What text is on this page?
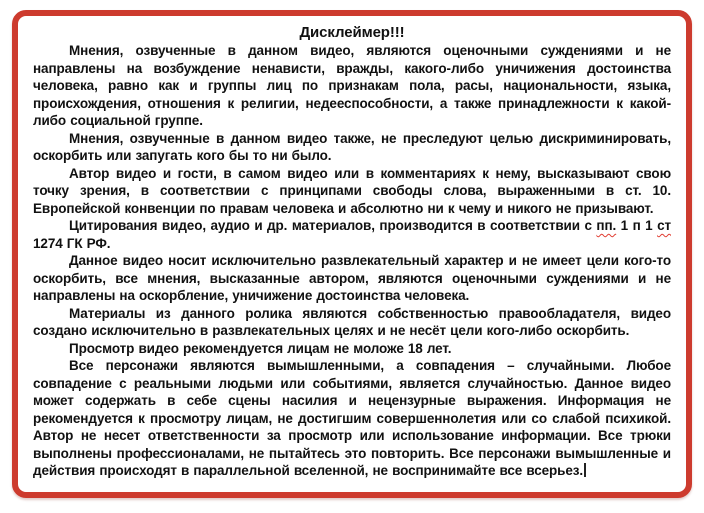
Дисклеймер!!!

Мнения, озвученные в данном видео, являются оценочными суждениями и не направлены на возбуждение ненависти, вражды, какого-либо уничижения достоинства человека, равно как и группы лиц по признакам пола, расы, национальности, языка, происхождения, отношения к религии, недееспособности, а также принадлежности к какой-либо социальной группе.

Мнения, озвученные в данном видео также, не преследуют целью дискриминировать, оскорбить или запугать кого бы то ни было.

Автор видео и гости, в самом видео или в комментариях к нему, высказывают свою точку зрения, в соответствии с принципами свободы слова, выраженными в ст. 10. Европейской конвенции по правам человека и абсолютно ни к чему и никого не призывают.

Цитирования видео, аудио и др. материалов, производится в соответствии с пп. 1 п 1 ст 1274 ГК РФ.

Данное видео носит исключительно развлекательный характер и не имеет цели кого-то оскорбить, все мнения, высказанные автором, являются оценочными суждениями и не направлены на оскорбление, уничижение достоинства человека.

Материалы из данного ролика являются собственностью правообладателя, видео создано исключительно в развлекательных целях и не несёт цели кого-либо оскорбить.

Просмотр видео рекомендуется лицам не моложе 18 лет.

Все персонажи являются вымышленными, а совпадения – случайными. Любое совпадение с реальными людьми или событиями, является случайностью. Данное видео может содержать в себе сцены насилия и нецензурные выражения. Информация не рекомендуется к просмотру лицам, не достигшим совершеннолетия или со слабой психикой. Автор не несет ответственности за просмотр или использование информации. Все трюки выполнены профессионалами, не пытайтесь это повторить. Все персонажи вымышленные и действия происходят в параллельной вселенной, не воспринимайте все всерьез.
